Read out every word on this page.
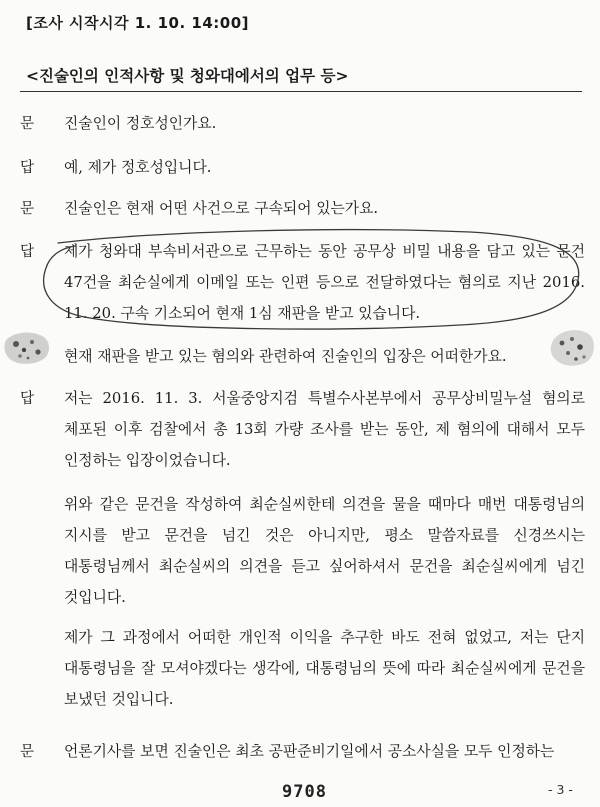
[조사 시작시각 1. 10. 14:00]
<진술인의 인적사항 및 청와대에서의 업무 등>
문	진술인이 정호성인가요.
답	예, 제가 정호성입니다.
문	진술인은 현재 어떤 사건으로 구속되어 있는가요.
답	제가 청와대 부속비서관으로 근무하는 동안 공무상 비밀 내용을 담고 있는 문건 47건을 최순실에게 이메일 또는 인편 등으로 전달하였다는 혐의로 지난 2016. 11. 20. 구속 기소되어 현재 1심 재판을 받고 있습니다.
현재 재판을 받고 있는 혐의와 관련하여 진술인의 입장은 어떠한가요.
답	저는 2016. 11. 3. 서울중앙지검 특별수사본부에서 공무상비밀누설 혐의로 체포된 이후 검찰에서 총 13회 가량 조사를 받는 동안, 제 혐의에 대해서 모두 인정하는 입장이었습니다.
위와 같은 문건을 작성하여 최순실씨한테 의견을 물을 때마다 매번 대통령님의 지시를 받고 문건을 넘긴 것은 아니지만, 평소 말씀자료를 신경쓰시는 대통령님께서 최순실씨의 의견을 듣고 싶어하셔서 문건을 최순실씨에게 넘긴 것입니다.
제가 그 과정에서 어떠한 개인적 이익을 추구한 바도 전혀 없었고, 저는 단지 대통령님을 잘 모셔야겠다는 생각에, 대통령님의 뜻에 따라 최순실씨에게 문건을 보냈던 것입니다.
문	언론기사를 보면 진술인은 최초 공판준비기일에서 공소사실을 모두 인정하는
9708	- 3 -
